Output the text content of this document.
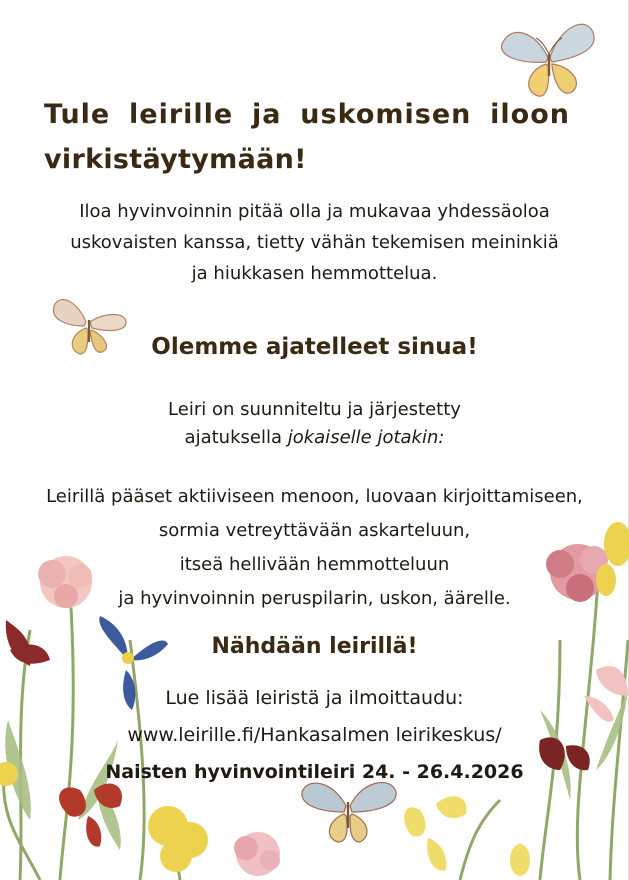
Tule leirille ja uskomisen iloon
virkistäytymään!
Iloa hyvinvoinnin pitää olla ja mukavaa yhdessäoloa
uskovaisten kanssa, tietty vähän tekemisen meininkiä
ja hiukkasen hemmottelua.
Olemme ajatelleet sinua!
Leiri on suunniteltu ja järjestetty
ajatuksella jokaiselle jotakin:
Leirillä pääset aktiiviseen menoon, luovaan kirjoittamiseen,
sormia vetreyttävään askarteluun,
itseä hellivään hemmotteluun
ja hyvinvoinnin peruspilarin, uskon, äärelle.
Nähdään leirillä!
Lue lisää leiristä ja ilmoittaudu:
www.leirille.fi/Hankasalmen leirikeskus/
Naisten hyvinvointileiri 24. - 26.4.2026
